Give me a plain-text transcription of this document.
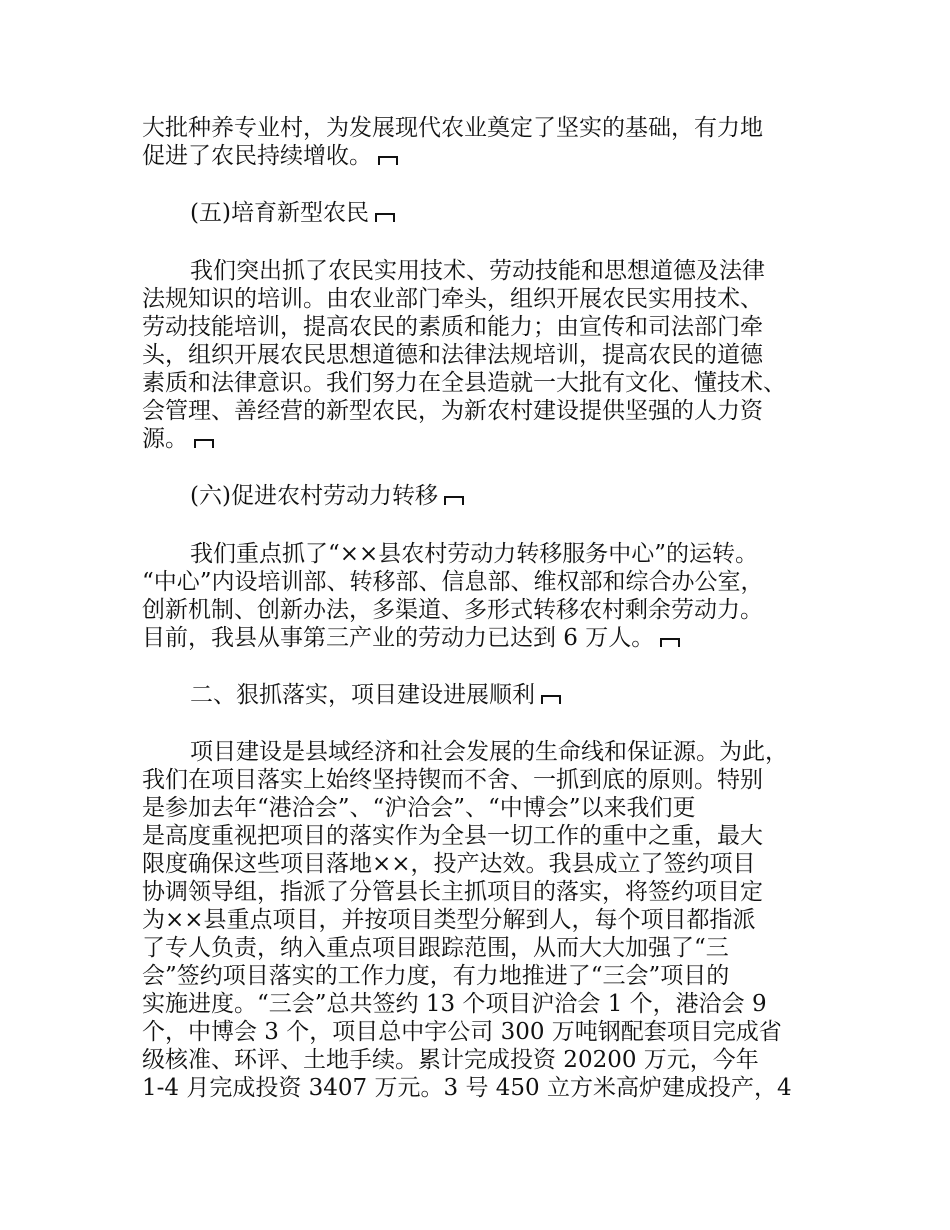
大批种养专业村，为发展现代农业奠定了坚实的基础，有力地
促进了农民持续增收。
(五)培育新型农民
我们突出抓了农民实用技术、劳动技能和思想道德及法律
法规知识的培训。由农业部门牵头，组织开展农民实用技术、
劳动技能培训，提高农民的素质和能力；由宣传和司法部门牵
头，组织开展农民思想道德和法律法规培训，提高农民的道德
素质和法律意识。我们努力在全县造就一大批有文化、懂技术、
会管理、善经营的新型农民，为新农村建设提供坚强的人力资
源。
(六)促进农村劳动力转移
我们重点抓了“××县农村劳动力转移服务中心”的运转。
“中心”内设培训部、转移部、信息部、维权部和综合办公室，
创新机制、创新办法，多渠道、多形式转移农村剩余劳动力。
目前，我县从事第三产业的劳动力已达到 6 万人。
二、狠抓落实，项目建设进展顺利
项目建设是县域经济和社会发展的生命线和保证源。为此，
我们在项目落实上始终坚持锲而不舍、一抓到底的原则。特别
是参加去年“港洽会”、“沪洽会”、“中博会”以来我们更
是高度重视把项目的落实作为全县一切工作的重中之重，最大
限度确保这些项目落地××，投产达效。我县成立了签约项目
协调领导组，指派了分管县长主抓项目的落实，将签约项目定
为××县重点项目，并按项目类型分解到人，每个项目都指派
了专人负责，纳入重点项目跟踪范围，从而大大加强了“三
会”签约项目落实的工作力度，有力地推进了“三会”项目的
实施进度。“三会”总共签约 13 个项目沪洽会 1 个，港洽会 9
个，中博会 3 个，项目总中宇公司 300 万吨钢配套项目完成省
级核准、环评、土地手续。累计完成投资 20200 万元，今年
1-4 月完成投资 3407 万元。3 号 450 立方米高炉建成投产，4
